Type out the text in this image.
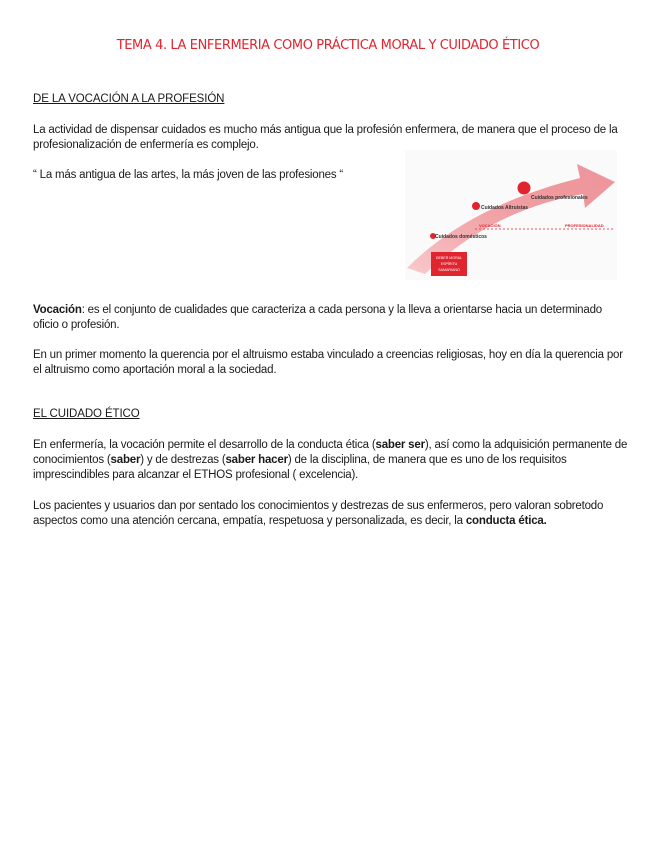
TEMA 4. LA ENFERMERIA COMO PRÁCTICA MORAL Y CUIDADO ÉTICO
DE LA VOCACIÓN A LA PROFESIÓN
La actividad de dispensar cuidados es mucho más antigua que la profesión enfermera, de manera que el proceso de la profesionalización de enfermería es complejo.
“ La más antigua de las artes, la más joven de las profesiones “
Cuidados domésticos
Cuidados Altruistas
Cuidados profesionales
VOCACIÓN	PROFESIONALIDAD
DEBER MORAL
ESPÍRITU
SAMARIANO
Vocación: es el conjunto de cualidades que caracteriza a cada persona y la lleva a orientarse hacia un determinado oficio o profesión.
En un primer momento la querencia por el altruismo estaba vinculado a creencias religiosas, hoy en día la querencia por el altruismo como aportación moral a la sociedad.
EL CUIDADO ÉTICO
En enfermería, la vocación permite el desarrollo de la conducta ética (saber ser), así como la adquisición permanente de conocimientos (saber) y de destrezas (saber hacer) de la disciplina, de manera que es uno de los requisitos imprescindibles para alcanzar el ETHOS profesional ( excelencia).
Los pacientes y usuarios dan por sentado los conocimientos y destrezas de sus enfermeros, pero valoran sobretodo aspectos como una atención cercana, empatía, respetuosa y personalizada, es decir, la conducta ética.
